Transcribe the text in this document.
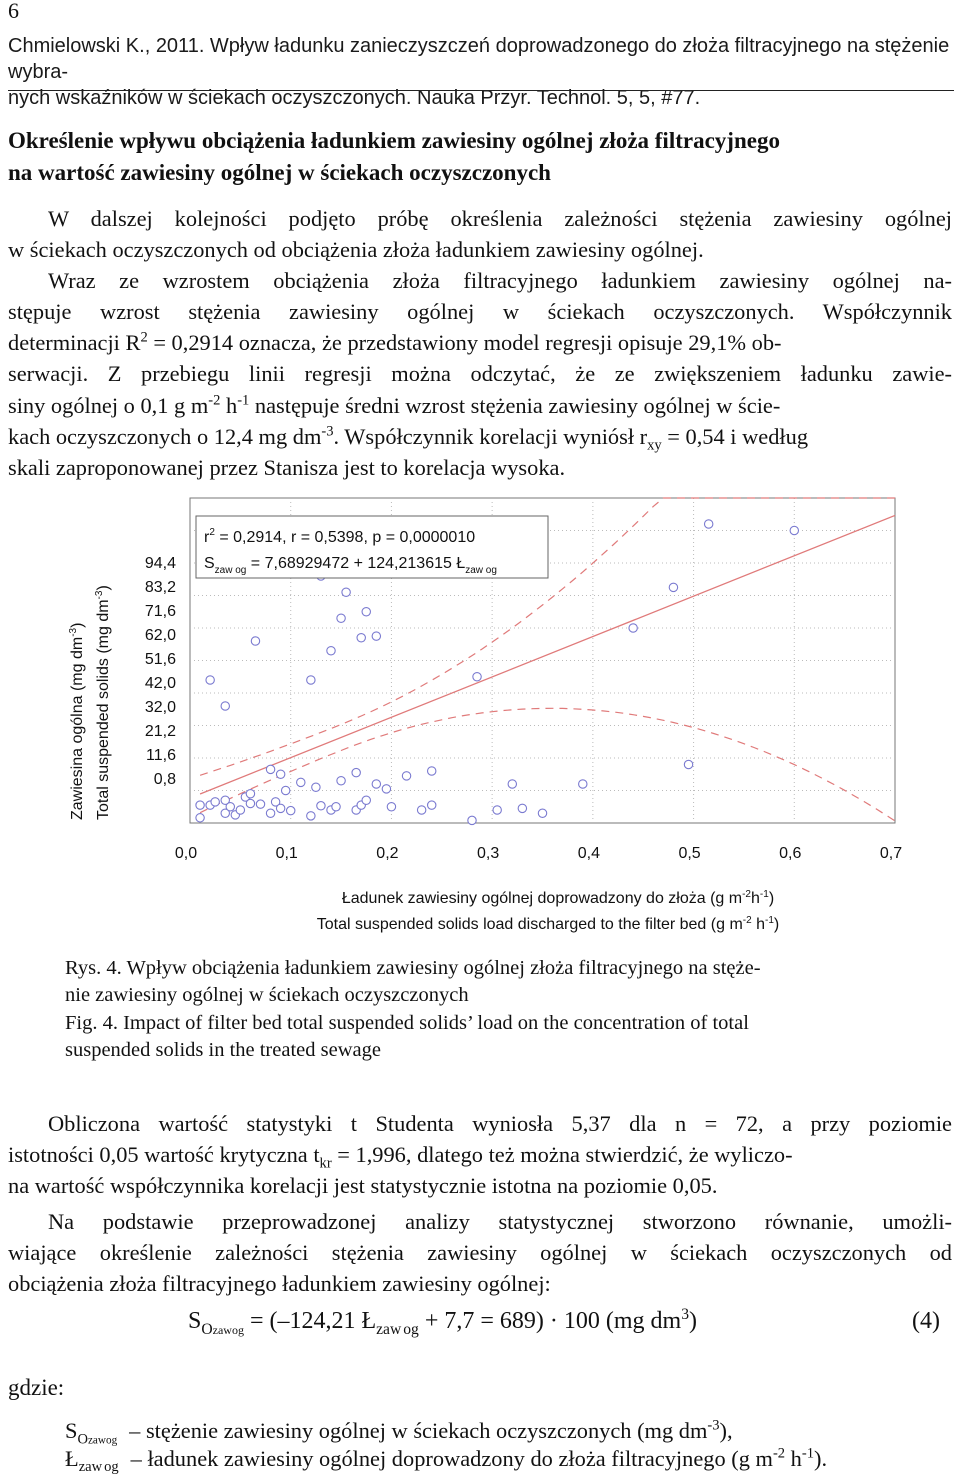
6
Chmielowski K., 2011. Wpływ ładunku zanieczyszczeń doprowadzonego do złoża filtracyjnego na stężenie wybra-
nych wskaźników w ściekach oczyszczonych. Nauka Przyr. Technol. 5, 5, #77.
Określenie wpływu obciążenia ładunkiem zawiesiny ogólnej złoża filtracyjnego
na wartość zawiesiny ogólnej w ściekach oczyszczonych
W dalszej kolejności podjęto próbę określenia zależności stężenia zawiesiny ogólnej
w ściekach oczyszczonych od obciążenia złoża ładunkiem zawiesiny ogólnej.
Wraz ze wzrostem obciążenia złoża filtracyjnego ładunkiem zawiesiny ogólnej na-
stępuje wzrost stężenia zawiesiny ogólnej w ściekach oczyszczonych. Współczynnik
determinacji $R^2 = 0,2914$ oznacza, że przedstawiony model regresji opisuje 29,1% ob-
serwacji. Z przebiegu linii regresji można odczytać, że ze zwiększeniem ładunku zawie-
siny ogólnej o 0,1 g $m^{-2}$ $h^{-1}$ następuje średni wzrost stężenia zawiesiny ogólnej w ście-
kach oczyszczonych o 12,4 mg $dm^{-3}$. Współczynnik korelacji wyniósł $r_{xy} = 0,54$ i według
skali zaproponowanej przez Stanisza jest to korelacja wysoka.
Zawiesina ogólna (mg $dm^{-3}$) Total suspended solids (mg $dm^{-3}$)
94,4
83,2
71,6
62,0
51,6
42,0
32,0
21,2
11,6
0,8
0,0	0,1	0,2	0,3	0,4	0,5	0,6	0,7
$r^2 = 0,2914$, r = 0,5398, p = 0,0000010
$S_{zaw og} = 7,68929472 + 124,213615$ $Ł_{zaw og}$
Ładunek zawiesiny ogólnej doprowadzony do złoża (g $m^{-2}h^{-1}$)
Total suspended solids load discharged to the filter bed (g $m^{-2}$ $h^{-1}$)
Rys. 4. Wpływ obciążenia ładunkiem zawiesiny ogólnej złoża filtracyjnego na stęże-
nie zawiesiny ogólnej w ściekach oczyszczonych
Fig. 4. Impact of filter bed total suspended solids’ load on the concentration of total
suspended solids in the treated sewage
Obliczona wartość statystyki t Studenta wyniosła 5,37 dla n = 72, a przy poziomie
istotności 0,05 wartość krytyczna $t_{kr} = 1,996$, dlatego też można stwierdzić, że wyliczo-
na wartość współczynnika korelacji jest statystycznie istotna na poziomie 0,05.
Na podstawie przeprowadzonej analizy statystycznej stworzono równanie, umożli-
wiające określenie zależności stężenia zawiesiny ogólnej w ściekach oczyszczonych od
obciążenia złoża filtracyjnego ładunkiem zawiesiny ogólnej:
$S_{Ozawog} = (-124,21$ $Ł_{zaw og} + 7,7 = 689) \cdot 100$ (mg $dm^3$)	(4)
gdzie:
$S_{Ozawog}$ – stężenie zawiesiny ogólnej w ściekach oczyszczonych (mg $dm^{-3}$),
$Ł_{zaw og}$ – ładunek zawiesiny ogólnej doprowadzony do złoża filtracyjnego (g $m^{-2}$ $h^{-1}$).
